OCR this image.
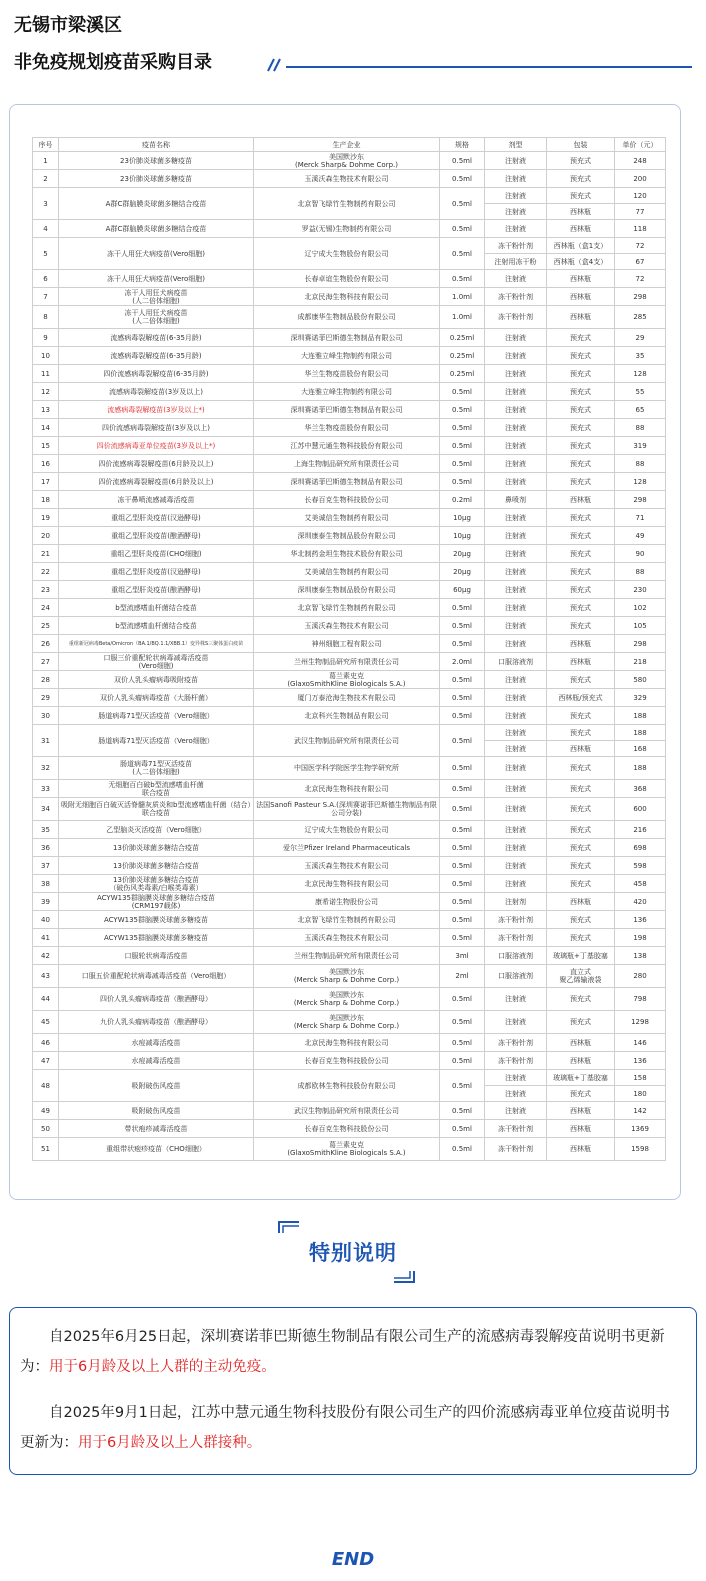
无锡市梁溪区
非免疫规划疫苗采购目录
序号	疫苗名称	生产企业	规格	剂型	包装	单价（元）
1	23价肺炎球菌多糖疫苗	美国默沙东
(Merck Sharp& Dohme Corp.)	0.5ml	注射液	预充式	248
2	23价肺炎球菌多糖疫苗	玉溪沃森生物技术有限公司	0.5ml	注射液	预充式	200
3	A群C群脑膜炎球菌多糖结合疫苗	北京智飞绿竹生物制药有限公司	0.5ml	注射液	预充式	120
				注射液	西林瓶	77
4	A群C群脑膜炎球菌多糖结合疫苗	罗益(无锡)生物制药有限公司	0.5ml	注射液	西林瓶	118
5	冻干人用狂犬病疫苗(Vero细胞)	辽宁成大生物股份有限公司	0.5ml	冻干粉针剂	西林瓶（盒1支）	72
				注射用冻干粉	西林瓶（盒4支）	67
6	冻干人用狂犬病疫苗(Vero细胞)	长春卓谊生物股份有限公司	0.5ml	注射液	西林瓶	72
7	冻干人用狂犬病疫苗
(人二倍体细胞)	北京民海生物科技有限公司	1.0ml	冻干粉针剂	西林瓶	298
8	冻干人用狂犬病疫苗
(人二倍体细胞)	成都康华生物制品股份有限公司	1.0ml	冻干粉针剂	西林瓶	285
9	流感病毒裂解疫苗(6-35月龄)	深圳赛诺菲巴斯德生物制品有限公司	0.25ml	注射液	预充式	29
10	流感病毒裂解疫苗(6-35月龄)	大连雅立峰生物制药有限公司	0.25ml	注射液	预充式	35
11	四价流感病毒裂解疫苗(6-35月龄)	华兰生物疫苗股份有限公司	0.25ml	注射液	预充式	128
12	流感病毒裂解疫苗(3岁及以上)	大连雅立峰生物制药有限公司	0.5ml	注射液	预充式	55
13	流感病毒裂解疫苗(3岁及以上*)	深圳赛诺菲巴斯德生物制品有限公司	0.5ml	注射液	预充式	65
14	四价流感病毒裂解疫苗(3岁及以上)	华兰生物疫苗股份有限公司	0.5ml	注射液	预充式	88
15	四价流感病毒亚单位疫苗(3岁及以上*)	江苏中慧元通生物科技股份有限公司	0.5ml	注射液	预充式	319
16	四价流感病毒裂解疫苗(6月龄及以上)	上海生物制品研究所有限责任公司	0.5ml	注射液	预充式	88
17	四价流感病毒裂解疫苗(6月龄及以上)	深圳赛诺菲巴斯德生物制品有限公司	0.5ml	注射液	预充式	128
18	冻干鼻喷流感减毒活疫苗	长春百克生物科技股份公司	0.2ml	鼻喷剂	西林瓶	298
19	重组乙型肝炎疫苗(汉逊酵母)	艾美诚信生物制药有限公司	10μg	注射液	预充式	71
20	重组乙型肝炎疫苗(酿酒酵母)	深圳康泰生物制品股份有限公司	10μg	注射液	预充式	49
21	重组乙型肝炎疫苗(CHO细胞)	华北制药金坦生物技术股份有限公司	20μg	注射液	预充式	90
22	重组乙型肝炎疫苗(汉逊酵母)	艾美诚信生物制药有限公司	20μg	注射液	预充式	88
23	重组乙型肝炎疫苗(酿酒酵母)	深圳康泰生物制品股份有限公司	60μg	注射液	预充式	230
24	b型流感嗜血杆菌结合疫苗	北京智飞绿竹生物制药有限公司	0.5ml	注射液	预充式	102
25	b型流感嗜血杆菌结合疫苗	玉溪沃森生物技术有限公司	0.5ml	注射液	预充式	105
26	重组新冠病毒Beta/Omicron（BA.1/BQ.1.1/XBB.1）变异株S三聚体蛋白疫苗	神州细胞工程有限公司	0.5ml	注射液	西林瓶	298
27	口服三价重配轮状病毒减毒活疫苗
(Vero细胞)	兰州生物制品研究所有限责任公司	2.0ml	口服溶液剂	西林瓶	218
28	双价人乳头瘤病毒吸附疫苗	葛兰素史克
(GlaxoSmithKline Biologicals S.A.)	0.5ml	注射液	预充式	580
29	双价人乳头瘤病毒疫苗（大肠杆菌）	厦门万泰沧海生物技术有限公司	0.5ml	注射液	西林瓶/预充式	329
30	肠道病毒71型灭活疫苗（Vero细胞）	北京科兴生物制品有限公司	0.5ml	注射液	预充式	188
31	肠道病毒71型灭活疫苗（Vero细胞）	武汉生物制品研究所有限责任公司	0.5ml	注射液	预充式	188
				注射液	西林瓶	168
32	肠道病毒71型灭活疫苗
(人二倍体细胞)	中国医学科学院医学生物学研究所	0.5ml	注射液	预充式	188
33	无细胞百白破b型流感嗜血杆菌
联合疫苗	北京民海生物科技有限公司	0.5ml	注射液	预充式	368
34	吸附无细胞百白破灭活脊髓灰质炎和b型流感嗜血杆菌（结合）联合疫苗	法国Sanofi Pasteur S.A.(深圳赛诺菲巴斯德生物制品有限公司分装)	0.5ml	注射液	预充式	600
35	乙型脑炎灭活疫苗（Vero细胞）	辽宁成大生物股份有限公司	0.5ml	注射液	预充式	216
36	13价肺炎球菌多糖结合疫苗	爱尔兰Pfizer Ireland Pharmaceuticals	0.5ml	注射液	预充式	698
37	13价肺炎球菌多糖结合疫苗	玉溪沃森生物技术有限公司	0.5ml	注射液	预充式	598
38	13价肺炎球菌多糖结合疫苗
（破伤风类毒素/白喉类毒素）	北京民海生物科技有限公司	0.5ml	注射液	预充式	458
39	ACYW135群脑膜炎球菌多糖结合疫苗
(CRM197载体)	康希诺生物股份公司	0.5ml	注射剂	西林瓶	420
40	ACYW135群脑膜炎球菌多糖疫苗	北京智飞绿竹生物制药有限公司	0.5ml	冻干粉针剂	预充式	136
41	ACYW135群脑膜炎球菌多糖疫苗	玉溪沃森生物技术有限公司	0.5ml	冻干粉针剂	预充式	198
42	口服轮状病毒活疫苗	兰州生物制品研究所有限责任公司	3ml	口服溶液剂	玻璃瓶+丁基胶塞	138
43	口服五价重配轮状病毒减毒活疫苗（Vero细胞）	美国默沙东
(Merck Sharp & Dohme Corp.)	2ml	口服溶液剂	直立式
聚乙烯输液袋	280
44	四价人乳头瘤病毒疫苗（酿酒酵母）	美国默沙东
(Merck Sharp & Dohme Corp.)	0.5ml	注射液	预充式	798
45	九价人乳头瘤病毒疫苗（酿酒酵母）	美国默沙东
(Merck Sharp & Dohme Corp.)	0.5ml	注射液	预充式	1298
46	水痘减毒活疫苗	北京民海生物科技有限公司	0.5ml	冻干粉针剂	西林瓶	146
47	水痘减毒活疫苗	长春百克生物科技股份公司	0.5ml	冻干粉针剂	西林瓶	136
48	吸附破伤风疫苗	成都欧林生物科技股份有限公司	0.5ml	注射液	玻璃瓶+丁基胶塞	158
				注射液	预充式	180
49	吸附破伤风疫苗	武汉生物制品研究所有限责任公司	0.5ml	注射液	西林瓶	142
50	带状疱疹减毒活疫苗	长春百克生物科技股份公司	0.5ml	冻干粉针剂	西林瓶	1369
51	重组带状疱疹疫苗（CHO细胞）	葛兰素史克
(GlaxoSmithKline Biologicals S.A.)	0.5ml	冻干粉针剂	西林瓶	1598
特别说明
自2025年6月25日起，深圳赛诺菲巴斯德生物制品有限公司生产的流感病毒裂解疫苗说明书更新为：用于6月龄及以上人群的主动免疫。
自2025年9月1日起，江苏中慧元通生物科技股份有限公司生产的四价流感病毒亚单位疫苗说明书更新为：用于6月龄及以上人群接种。
END
